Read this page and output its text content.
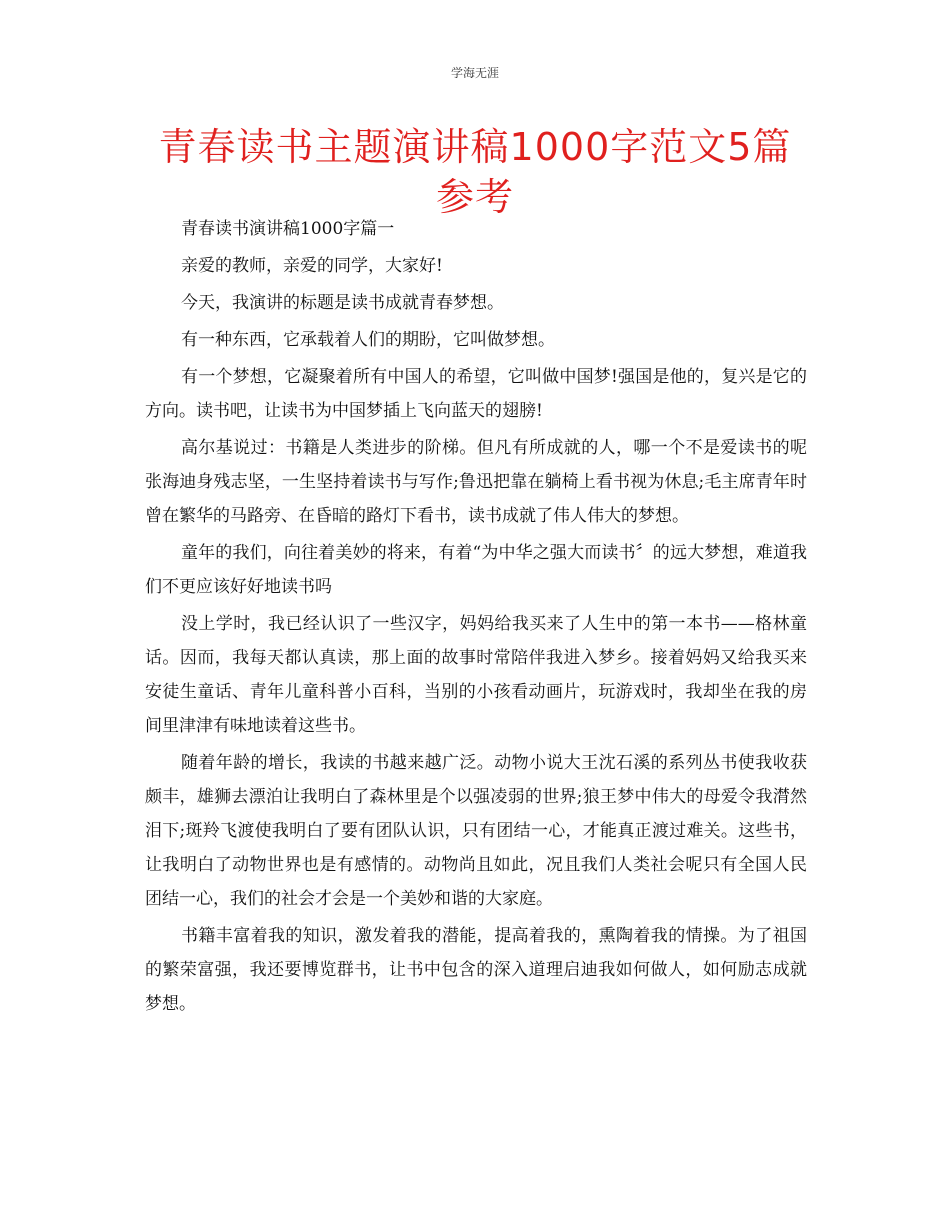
学海无涯
青春读书主题演讲稿1000字范文5篇参考

青春读书演讲稿1000字篇一

亲爱的教师，亲爱的同学，大家好!

今天，我演讲的标题是读书成就青春梦想。

有一种东西，它承载着人们的期盼，它叫做梦想。

有一个梦想，它凝聚着所有中国人的希望，它叫做中国梦!强国是他的，复兴是它的方向。读书吧，让读书为中国梦插上飞向蓝天的翅膀!

高尔基说过：书籍是人类进步的阶梯。但凡有所成就的人，哪一个不是爱读书的呢张海迪身残志坚，一生坚持着读书与写作;鲁迅把靠在躺椅上看书视为休息;毛主席青年时曾在繁华的马路旁、在昏暗的路灯下看书，读书成就了伟人伟大的梦想。

童年的我们，向往着美妙的将来，有着“为中华之强大而读书〞的远大梦想，难道我们不更应该好好地读书吗

没上学时，我已经认识了一些汉字，妈妈给我买来了人生中的第一本书——格林童话。因而，我每天都认真读，那上面的故事时常陪伴我进入梦乡。接着妈妈又给我买来安徒生童话、青年儿童科普小百科，当别的小孩看动画片，玩游戏时，我却坐在我的房间里津津有味地读着这些书。

随着年龄的增长，我读的书越来越广泛。动物小说大王沈石溪的系列丛书使我收获颇丰，雄狮去漂泊让我明白了森林里是个以强凌弱的世界;狼王梦中伟大的母爱令我潸然泪下;斑羚飞渡使我明白了要有团队认识，只有团结一心，才能真正渡过难关。这些书，让我明白了动物世界也是有感情的。动物尚且如此，况且我们人类社会呢只有全国人民团结一心，我们的社会才会是一个美妙和谐的大家庭。

书籍丰富着我的知识，激发着我的潜能，提高着我的，熏陶着我的情操。为了祖国的繁荣富强，我还要博览群书，让书中包含的深入道理启迪我如何做人，如何励志成就梦想。
